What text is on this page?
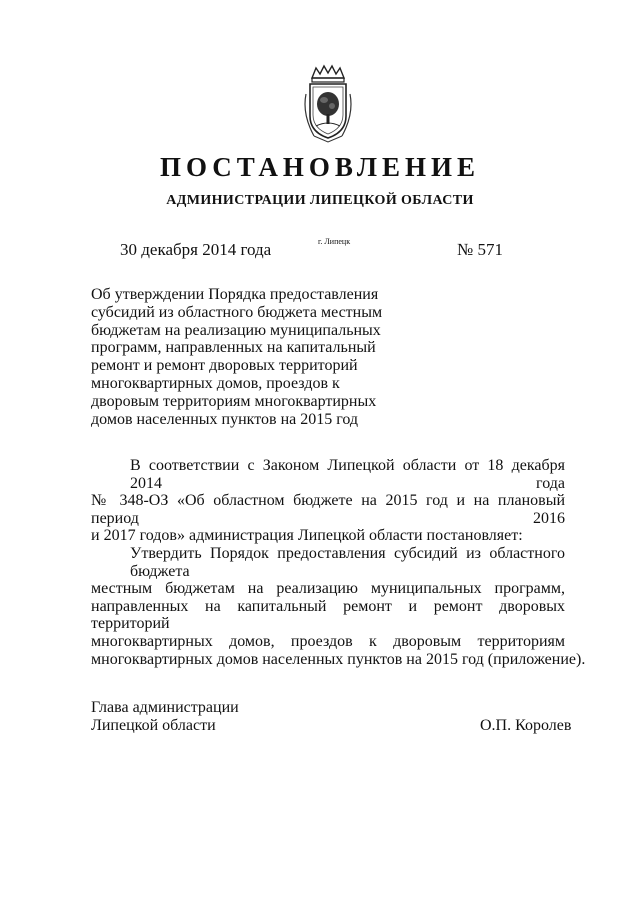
ПОСТАНОВЛЕНИЕ
АДМИНИСТРАЦИИ ЛИПЕЦКОЙ ОБЛАСТИ
30 декабря 2014 года	г. Липецк	№ 571
Об утверждении Порядка предоставления
субсидий из областного бюджета местным
бюджетам на реализацию муниципальных
программ, направленных на капитальный
ремонт и ремонт дворовых территорий
многоквартирных домов, проездов к
дворовым территориям многоквартирных
домов населенных пунктов на 2015 год
В соответствии с Законом Липецкой области от 18 декабря 2014 года
№ 348-ОЗ «Об областном бюджете на 2015 год и на плановый период 2016
и 2017 годов» администрация Липецкой области постановляет:
Утвердить Порядок предоставления субсидий из областного бюджета
местным бюджетам на реализацию муниципальных программ,
направленных на капитальный ремонт и ремонт дворовых территорий
многоквартирных домов, проездов к дворовым территориям
многоквартирных домов населенных пунктов на 2015 год (приложение).
Глава администрации
Липецкой области	О.П. Королев
